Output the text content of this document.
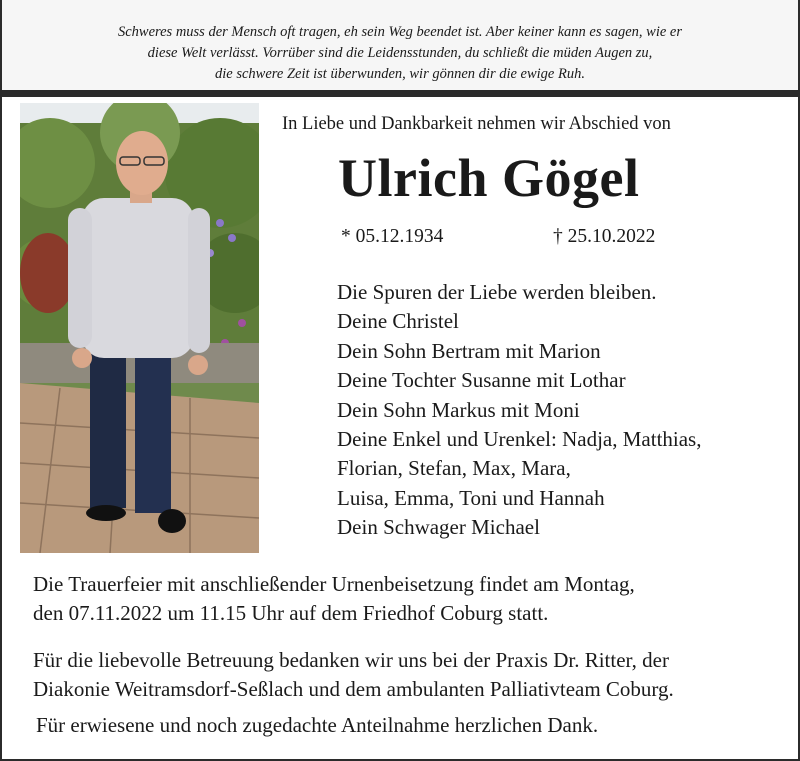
Schweres muss der Mensch oft tragen, eh sein Weg beendet ist. Aber keiner kann es sagen, wie er
diese Welt verlässt. Vorrüber sind die Leidensstunden, du schließt die müden Augen zu,
die schwere Zeit ist überwunden, wir gönnen dir die ewige Ruh.
In Liebe und Dankbarkeit nehmen wir Abschied von
Ulrich Gögel
* 05.12.1934	† 25.10.2022
Die Spuren der Liebe werden bleiben.
Deine Christel
Dein Sohn Bertram mit Marion
Deine Tochter Susanne mit Lothar
Dein Sohn Markus mit Moni
Deine Enkel und Urenkel: Nadja, Matthias,
Florian, Stefan, Max, Mara,
Luisa, Emma, Toni und Hannah
Dein Schwager Michael
Die Trauerfeier mit anschließender Urnenbeisetzung findet am Montag,
den 07.11.2022 um 11.15 Uhr auf dem Friedhof Coburg statt.
Für die liebevolle Betreuung bedanken wir uns bei der Praxis Dr. Ritter, der
Diakonie Weitramsdorf-Seßlach und dem ambulanten Palliativteam Coburg.
Für erwiesene und noch zugedachte Anteilnahme herzlichen Dank.
